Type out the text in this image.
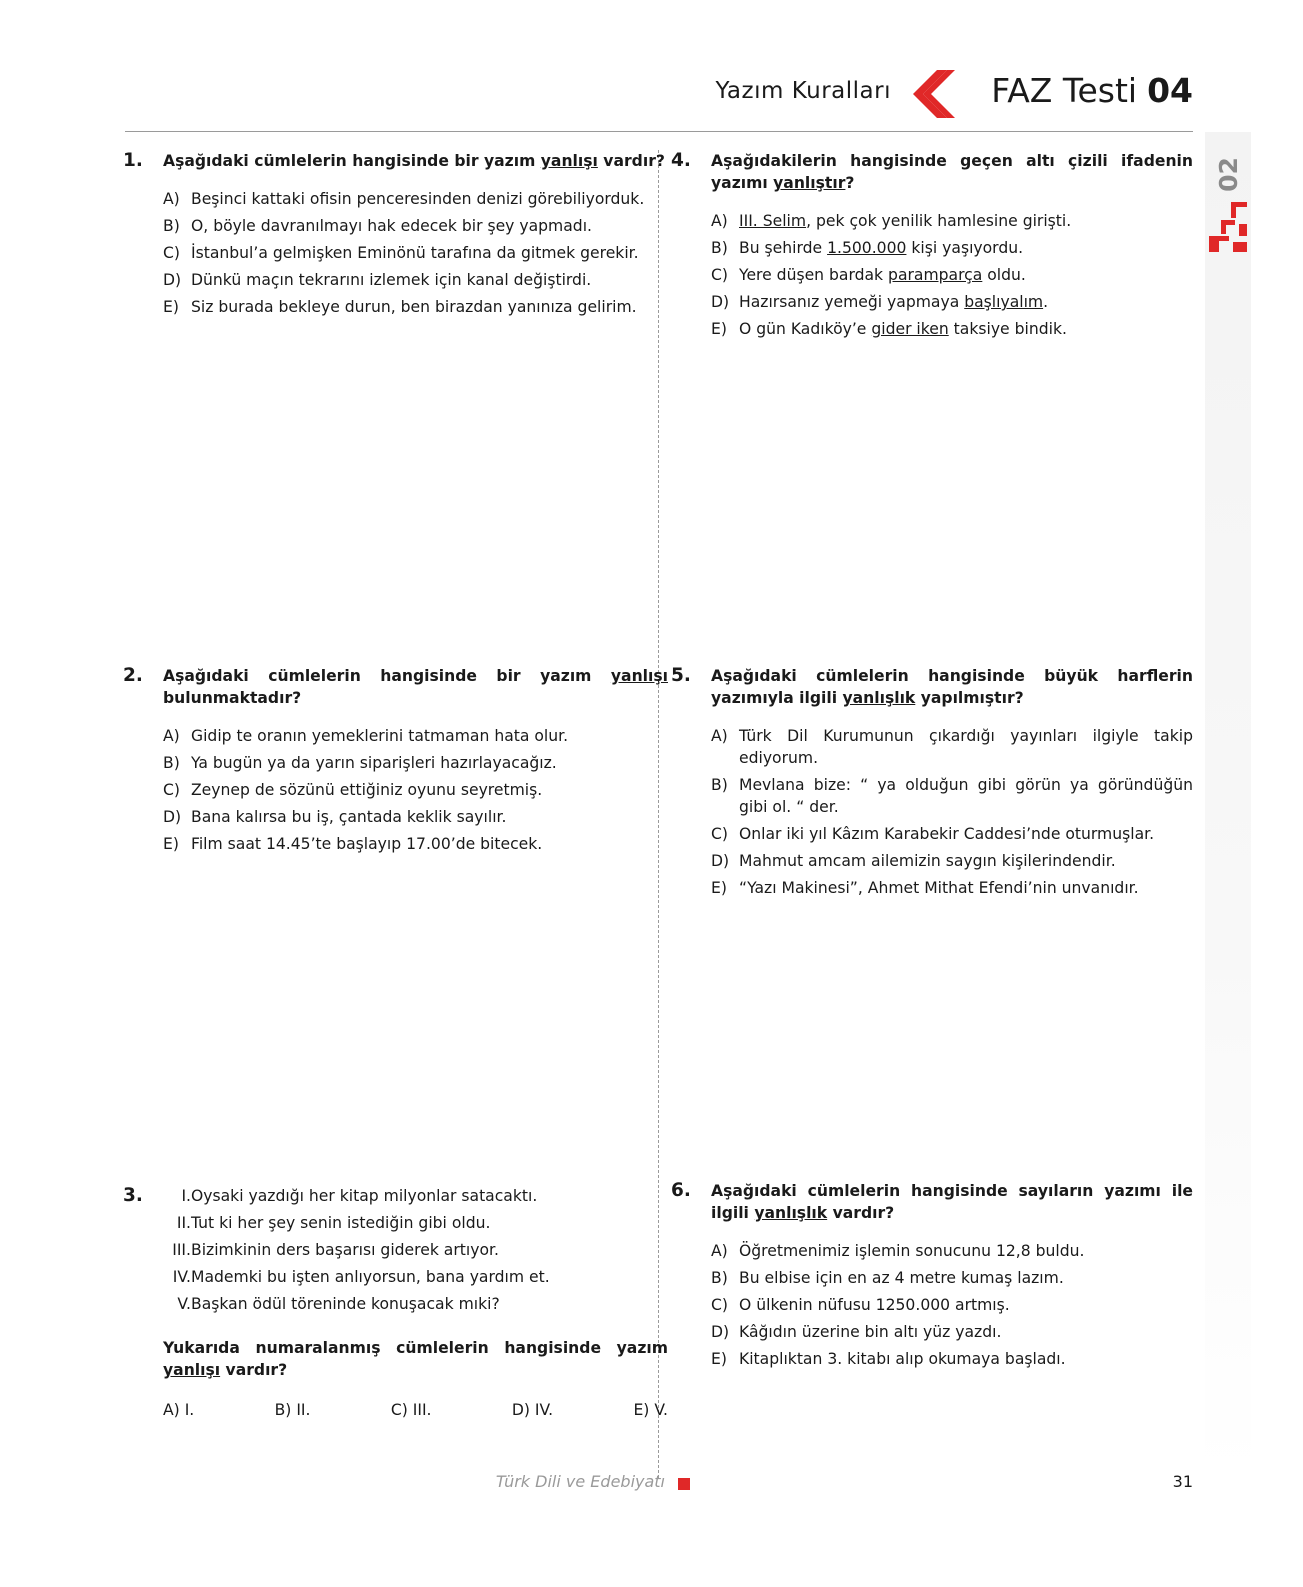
Yazım Kuralları	FAZ Testi 04
02
1. Aşağıdaki cümlelerin hangisinde bir yazım yanlışı vardır?

A) Beşinci kattaki ofisin penceresinden denizi görebiliyorduk.
B) O, böyle davranılmayı hak edecek bir şey yapmadı.
C) İstanbul’a gelmişken Eminönü tarafına da gitmek gerekir.
D) Dünkü maçın tekrarını izlemek için kanal değiştirdi.
E) Siz burada bekleye durun, ben birazdan yanınıza gelirim.
2. Aşağıdaki cümlelerin hangisinde bir yazım yanlışı bulunmaktadır?

A) Gidip te oranın yemeklerini tatmaman hata olur.
B) Ya bugün ya da yarın siparişleri hazırlayacağız.
C) Zeynep de sözünü ettiğiniz oyunu seyretmiş.
D) Bana kalırsa bu iş, çantada keklik sayılır.
E) Film saat 14.45’te başlayıp 17.00’de bitecek.
3. I. Oysaki yazdığı her kitap milyonlar satacaktı.
II. Tut ki her şey senin istediğin gibi oldu.
III. Bizimkinin ders başarısı giderek artıyor.
IV. Mademki bu işten anlıyorsun, bana yardım et.
V. Başkan ödül töreninde konuşacak mıki?

Yukarıda numaralanmış cümlelerin hangisinde yazım yanlışı vardır?

A) I.	B) II.	C) III.	D) IV.	E) V.
4. Aşağıdakilerin hangisinde geçen altı çizili ifadenin yazımı yanlıştır?

A) III. Selim, pek çok yenilik hamlesine girişti.
B) Bu şehirde 1.500.000 kişi yaşıyordu.
C) Yere düşen bardak paramparça oldu.
D) Hazırsanız yemeği yapmaya başlıyalım.
E) O gün Kadıköy’e gider iken taksiye bindik.
5. Aşağıdaki cümlelerin hangisinde büyük harflerin yazımıyla ilgili yanlışlık yapılmıştır?

A) Türk Dil Kurumunun çıkardığı yayınları ilgiyle takip ediyorum.
B) Mevlana bize: “ ya olduğun gibi görün ya göründüğün gibi ol. “ der.
C) Onlar iki yıl Kâzım Karabekir Caddesi’nde oturmuşlar.
D) Mahmut amcam ailemizin saygın kişilerindendir.
E) “Yazı Makinesi”, Ahmet Mithat Efendi’nin unvanıdır.
6. Aşağıdaki cümlelerin hangisinde sayıların yazımı ile ilgili yanlışlık vardır?

A) Öğretmenimiz işlemin sonucunu 12,8 buldu.
B) Bu elbise için en az 4 metre kumaş lazım.
C) O ülkenin nüfusu 1250.000 artmış.
D) Kâğıdın üzerine bin altı yüz yazdı.
E) Kitaplıktan 3. kitabı alıp okumaya başladı.
Türk Dili ve Edebiyatı	31
